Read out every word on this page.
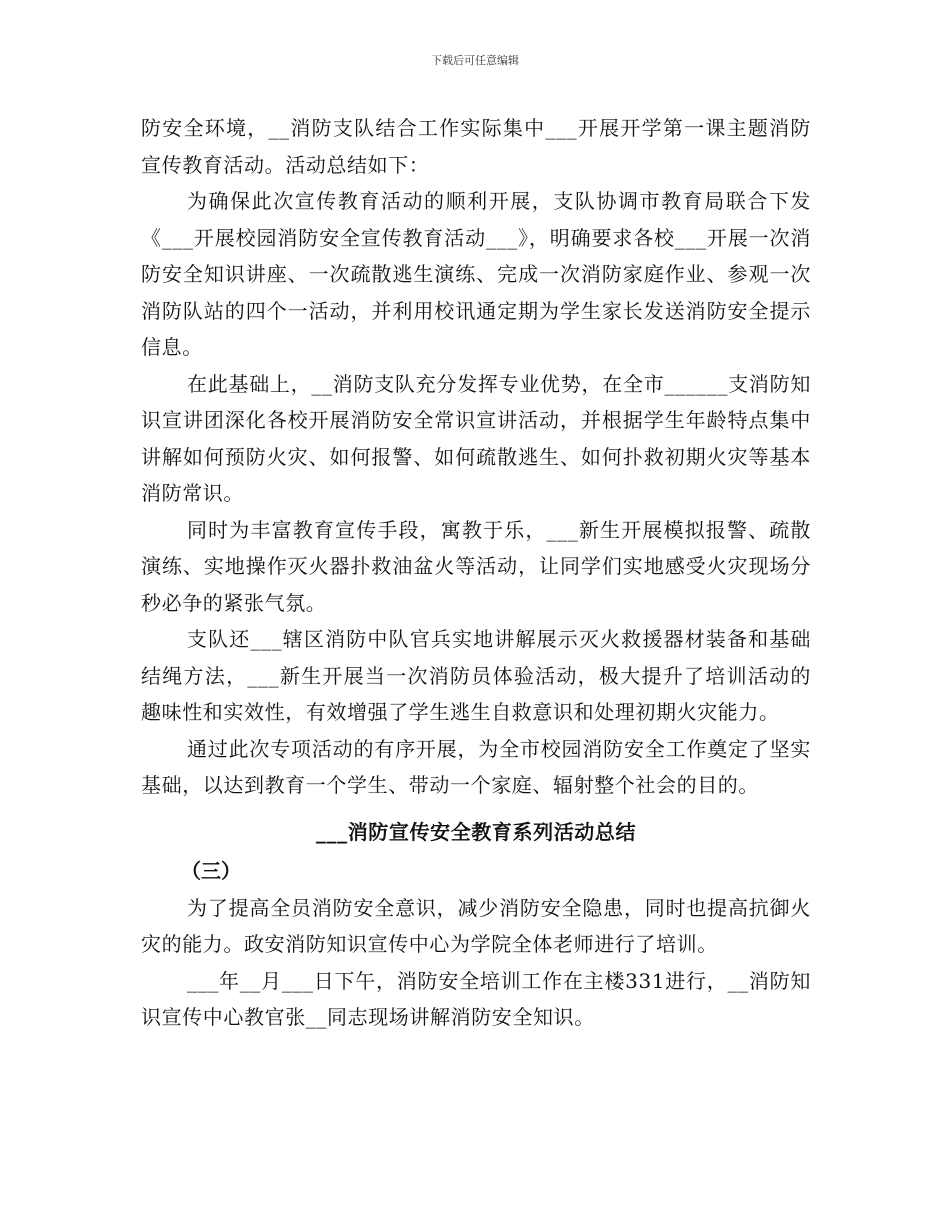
下载后可任意编辑

防安全环境，__消防支队结合工作实际集中___开展开学第一课主题消防宣传教育活动。活动总结如下：

为确保此次宣传教育活动的顺利开展，支队协调市教育局联合下发《___开展校园消防安全宣传教育活动___》，明确要求各校___开展一次消防安全知识讲座、一次疏散逃生演练、完成一次消防家庭作业、参观一次消防队站的四个一活动，并利用校讯通定期为学生家长发送消防安全提示信息。

在此基础上，__消防支队充分发挥专业优势，在全市______支消防知识宣讲团深化各校开展消防安全常识宣讲活动，并根据学生年龄特点集中讲解如何预防火灾、如何报警、如何疏散逃生、如何扑救初期火灾等基本消防常识。

同时为丰富教育宣传手段，寓教于乐，___新生开展模拟报警、疏散演练、实地操作灭火器扑救油盆火等活动，让同学们实地感受火灾现场分秒必争的紧张气氛。

支队还___辖区消防中队官兵实地讲解展示灭火救援器材装备和基础结绳方法，___新生开展当一次消防员体验活动，极大提升了培训活动的趣味性和实效性，有效增强了学生逃生自救意识和处理初期火灾能力。

通过此次专项活动的有序开展，为全市校园消防安全工作奠定了坚实基础，以达到教育一个学生、带动一个家庭、辐射整个社会的目的。

___消防宣传安全教育系列活动总结

（三）

为了提高全员消防安全意识，减少消防安全隐患，同时也提高抗御火灾的能力。政安消防知识宣传中心为学院全体老师进行了培训。

___年__月___日下午，消防安全培训工作在主楼331进行，__消防知识宣传中心教官张__同志现场讲解消防安全知识。
